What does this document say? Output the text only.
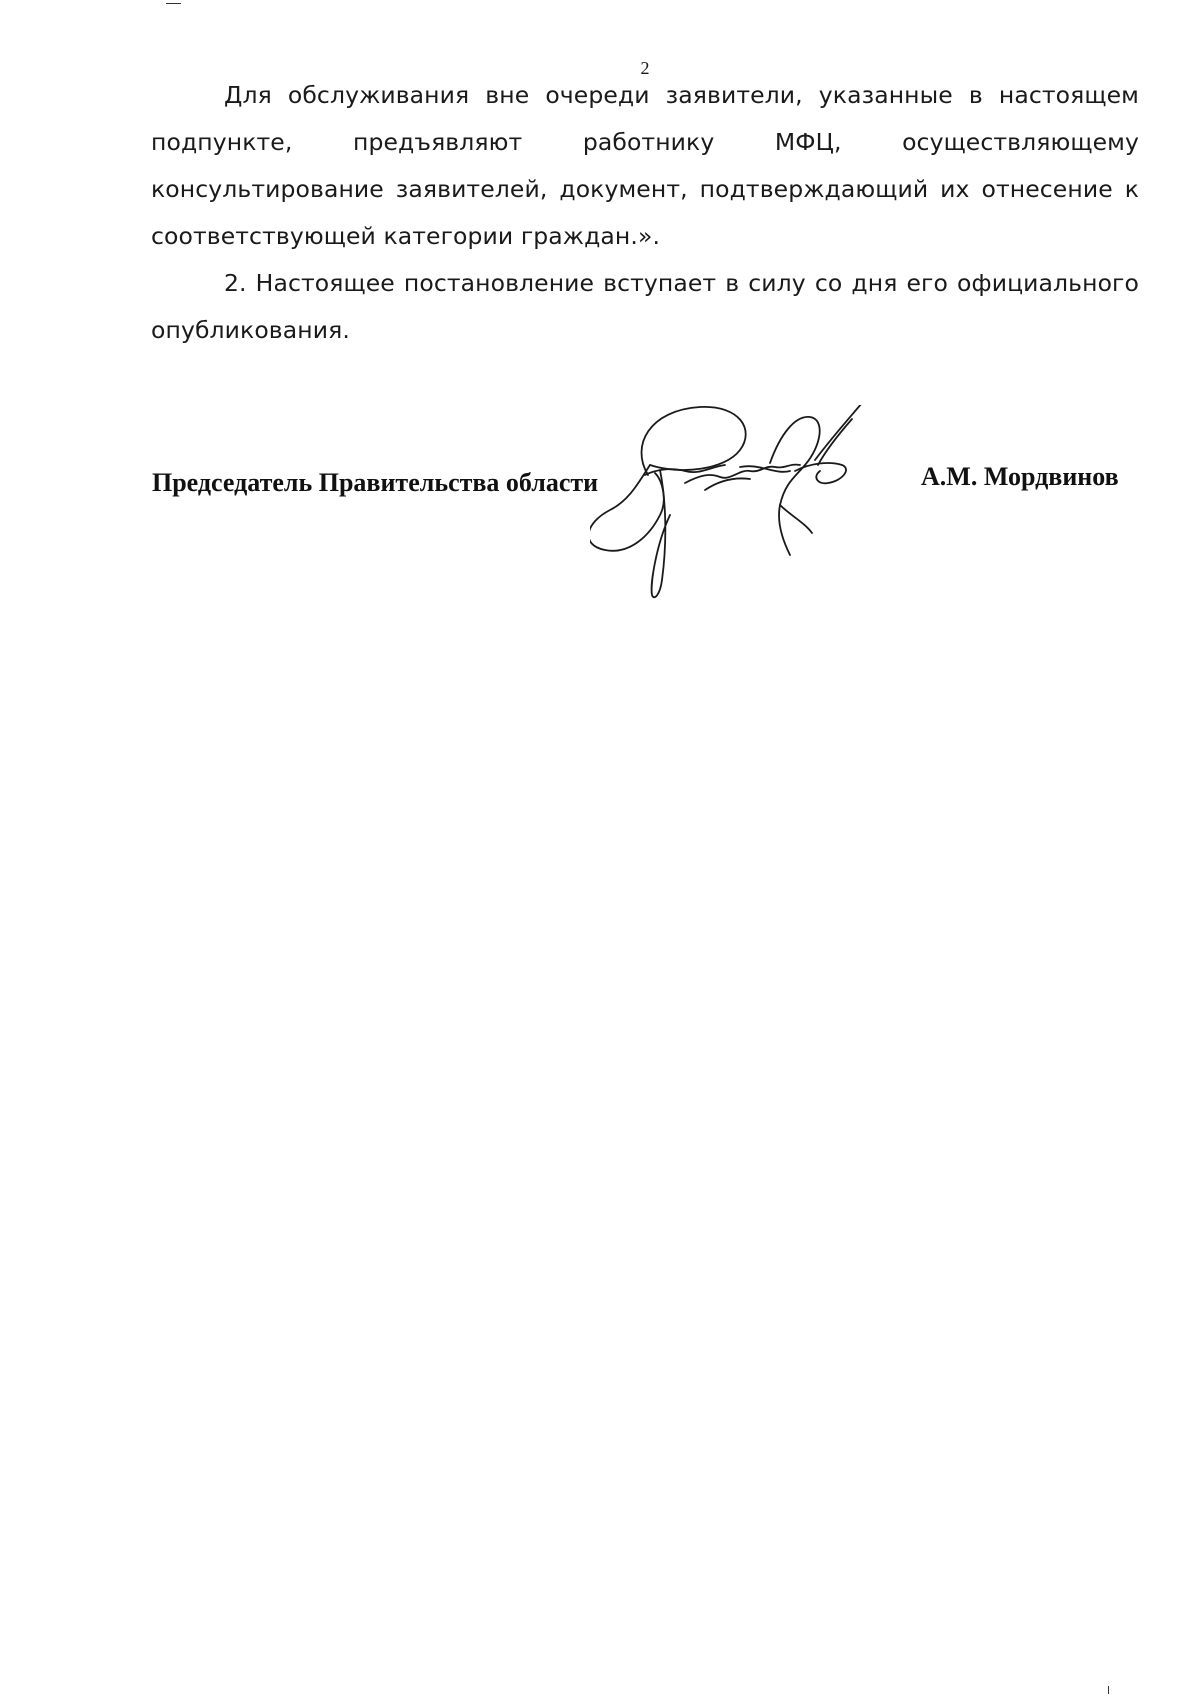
2

Для обслуживания вне очереди заявители, указанные в настоящем подпункте, предъявляют работнику МФЦ, осуществляющему консультирование заявителей, документ, подтверждающий их отнесение к соответствующей категории граждан.».

2. Настоящее постановление вступает в силу со дня его официального опубликования.

Председатель Правительства области	А.М. Мордвинов
